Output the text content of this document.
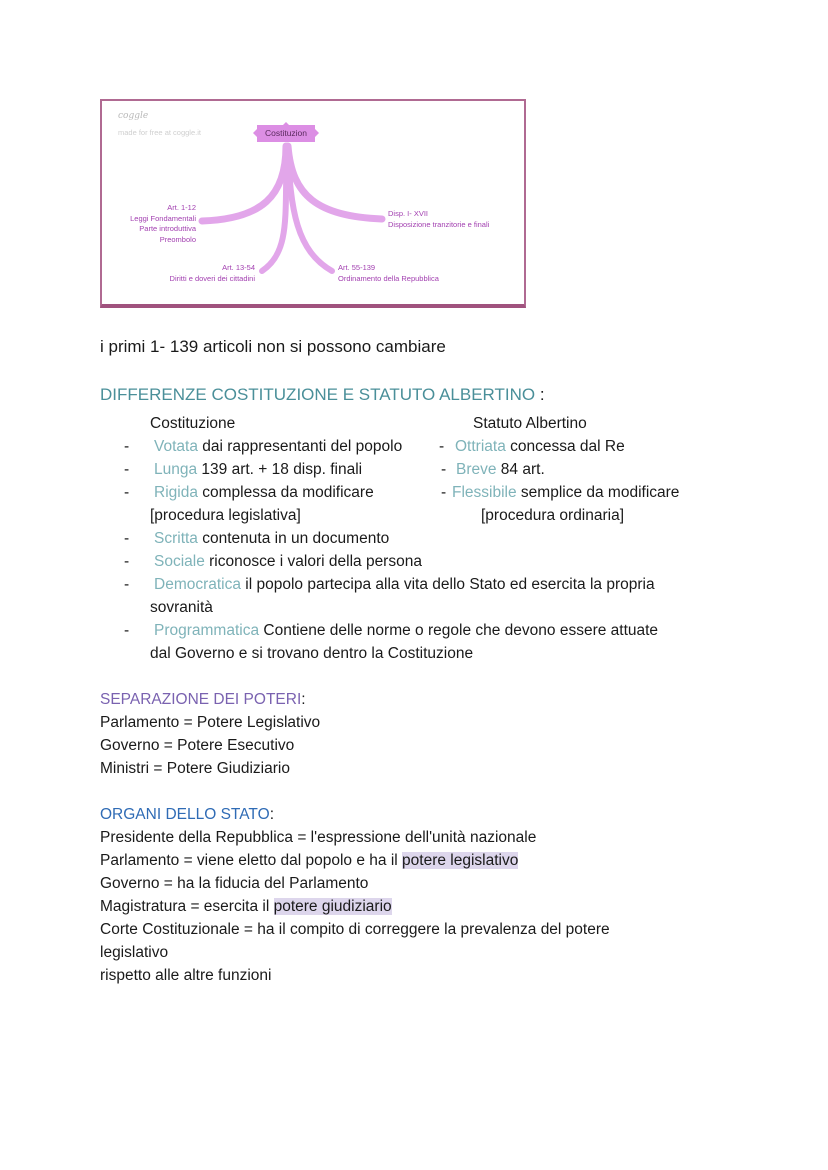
coggle
made for free at coggle.it	Costituzion
Art. 1-12
Leggi Fondamentali
Parte introduttiva
Preombolo
Disp. I- XVII
Disposizione tranzitorie e finali
Art. 13-54
Diritti e doveri dei cittadini
Art. 55-139
Ordinamento della Repubblica
i primi 1- 139 articoli non si possono cambiare
DIFFERENZE COSTITUZIONE E STATUTO ALBERTINO :
Costituzione	Statuto Albertino
- Votata dai rappresentanti del popolo - Ottriata concessa dal Re
- Lunga 139 art. + 18 disp. finali	- Breve 84 art.
- Rigida complessa da modificare	- Flessibile semplice da modificare
[procedura legislativa]	[procedura ordinaria]
- Scritta contenuta in un documento
- Sociale riconosce i valori della persona
- Democratica il popolo partecipa alla vita dello Stato ed esercita la propria
sovranità
- Programmatica Contiene delle norme o regole che devono essere attuate
dal Governo e si trovano dentro la Costituzione
SEPARAZIONE DEI POTERI:
Parlamento = Potere Legislativo
Governo = Potere Esecutivo
Ministri = Potere Giudiziario
ORGANI DELLO STATO:
Presidente della Repubblica = l'espressione dell'unità nazionale
Parlamento = viene eletto dal popolo e ha il potere legislativo
Governo = ha la fiducia del Parlamento
Magistratura = esercita il potere giudiziario
Corte Costituzionale = ha il compito di correggere la prevalenza del potere
legislativo
rispetto alle altre funzioni
